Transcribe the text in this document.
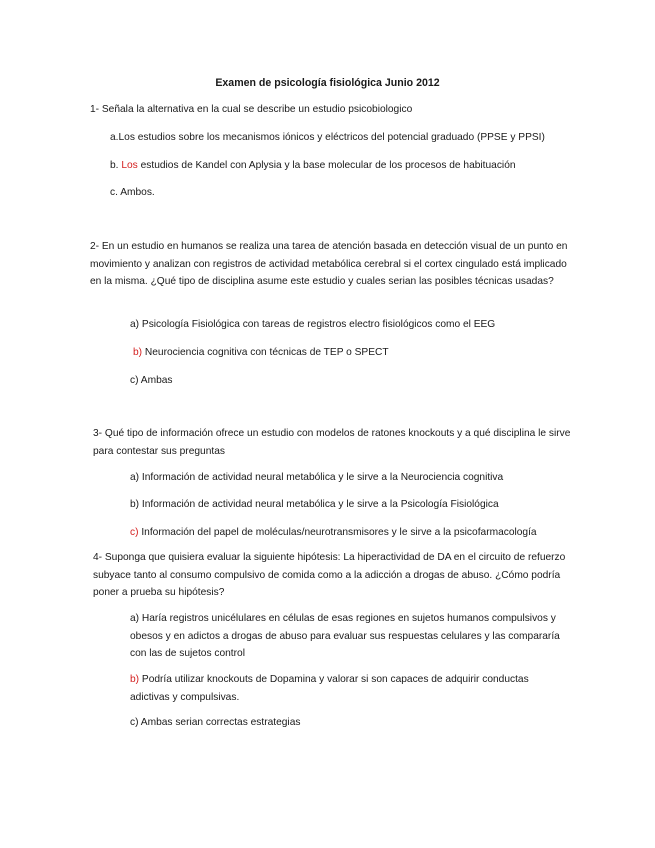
Examen de psicología fisiológica Junio 2012
1- Señala la alternativa en la cual se describe un estudio psicobiologico
a.Los estudios sobre los mecanismos iónicos y eléctricos del potencial graduado (PPSE y PPSI)
b. Los estudios de Kandel con Aplysia y la base molecular de los procesos de habituación
c. Ambos.
2- En un estudio en humanos se realiza una tarea de atención basada en detección visual de un punto en movimiento y analizan con registros de actividad metabólica cerebral si el cortex cingulado está implicado en la misma. ¿Qué tipo de disciplina asume este estudio y cuales serian las posibles técnicas usadas?
a) Psicología Fisiológica con tareas de registros electro fisiológicos como el EEG
b) Neurociencia cognitiva con técnicas de TEP o SPECT
c) Ambas
3- Qué tipo de información ofrece un estudio con modelos de ratones knockouts y a qué disciplina le sirve para contestar sus preguntas
a) Información de actividad neural metabólica y le sirve a la Neurociencia cognitiva
b) Información de actividad neural metabólica y le sirve a la Psicología Fisiológica
c) Información del papel de moléculas/neurotransmisores y le sirve a la psicofarmacología
4- Suponga que quisiera evaluar la siguiente hipótesis: La hiperactividad de DA en el circuito de refuerzo subyace tanto al consumo compulsivo de comida como a la adicción a drogas de abuso. ¿Cómo podría poner a prueba su hipótesis?
a) Haría registros unicélulares en células de esas regiones en sujetos humanos compulsivos y obesos y en adictos a drogas de abuso para evaluar sus respuestas celulares y las compararía con las de sujetos control
b) Podría utilizar knockouts de Dopamina y valorar si son capaces de adquirir conductas adictivas y compulsivas.
c) Ambas serian correctas estrategias
